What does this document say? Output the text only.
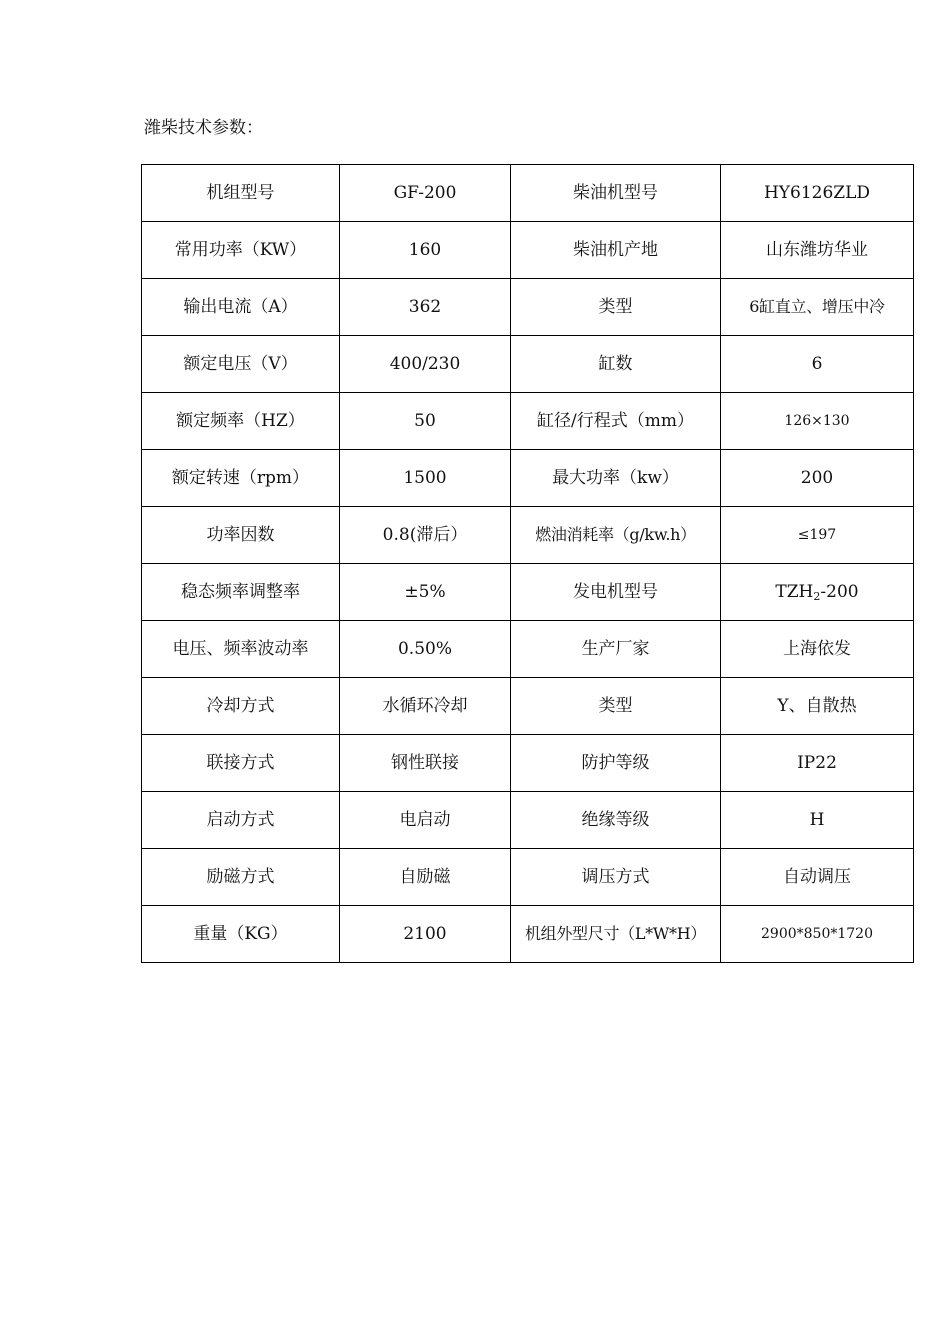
潍柴技术参数：
机组型号	GF-200	柴油机型号	HY6126ZLD
常用功率（KW）	160	柴油机产地	山东潍坊华业
输出电流（A）	362	类型	6缸直立、增压中冷
额定电压（V）	400/230	缸数	6
额定频率（HZ）	50	缸径/行程式（mm）	126×130
额定转速（rpm）	1500	最大功率（kw）	200
功率因数	0.8(滞后）	燃油消耗率（g/kw.h）	≤197
稳态频率调整率	±5%	发电机型号	$TZH_2-200$
电压、频率波动率	0.50%	生产厂家	上海依发
冷却方式	水循环冷却	类型	Y、自散热
联接方式	钢性联接	防护等级	IP22
启动方式	电启动	绝缘等级	H
励磁方式	自励磁	调压方式	自动调压
重量（KG）	2100	机组外型尺寸（L*W*H）	2900*850*1720
